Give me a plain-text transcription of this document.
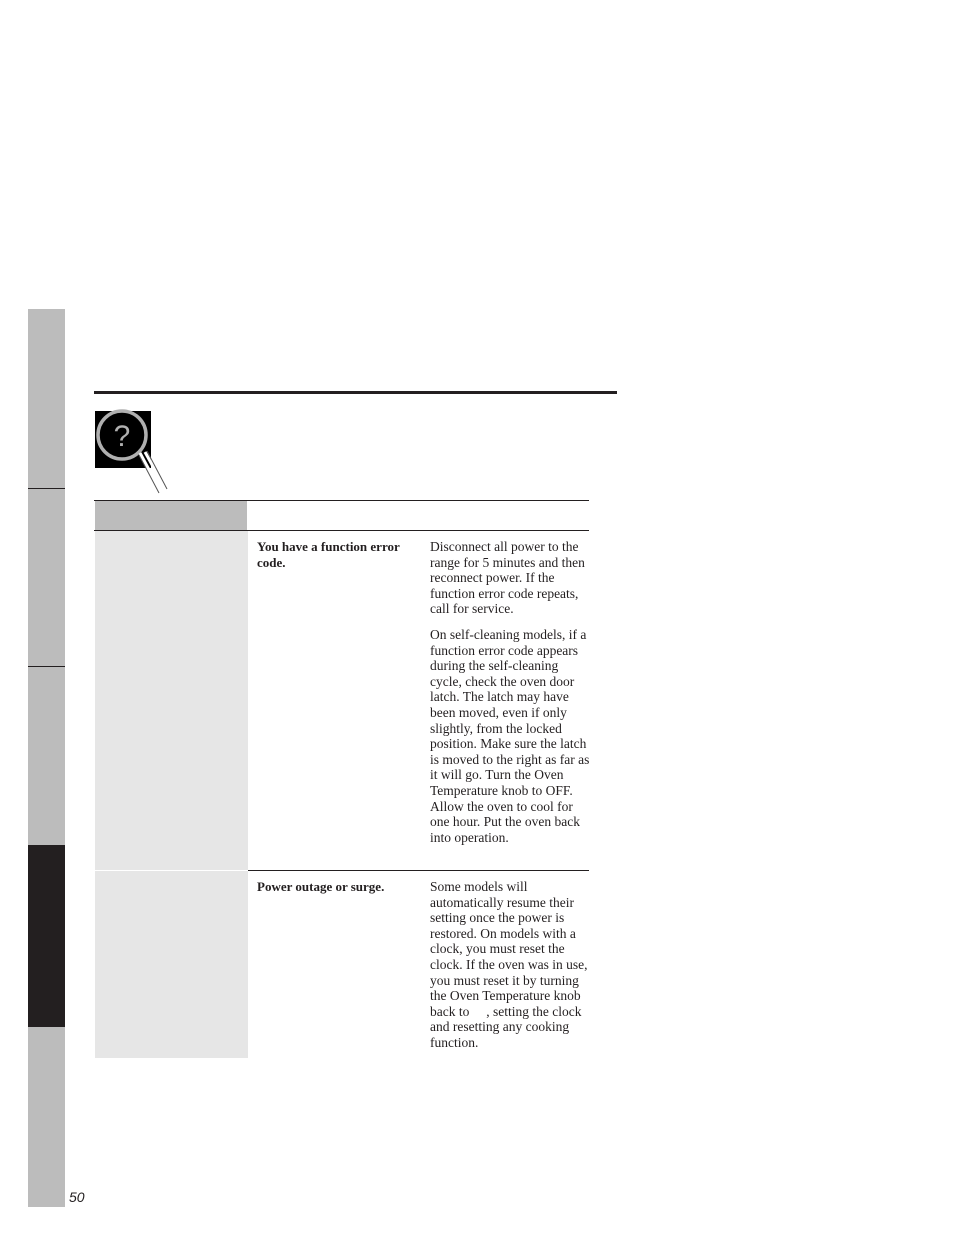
?
You have a function error code.

Disconnect all power to the range for 5 minutes and then reconnect power. If the function error code repeats, call for service.

On self-cleaning models, if a function error code appears during the self-cleaning cycle, check the oven door latch. The latch may have been moved, even if only slightly, from the locked position. Make sure the latch is moved to the right as far as it will go. Turn the Oven Temperature knob to OFF. Allow the oven to cool for one hour. Put the oven back into operation.

Power outage or surge.	Some models will automatically resume their setting once the power is restored. On models with a clock, you must reset the clock. If the oven was in use, you must reset it by turning the Oven Temperature knob back to     , setting the clock and resetting any cooking function.

50
